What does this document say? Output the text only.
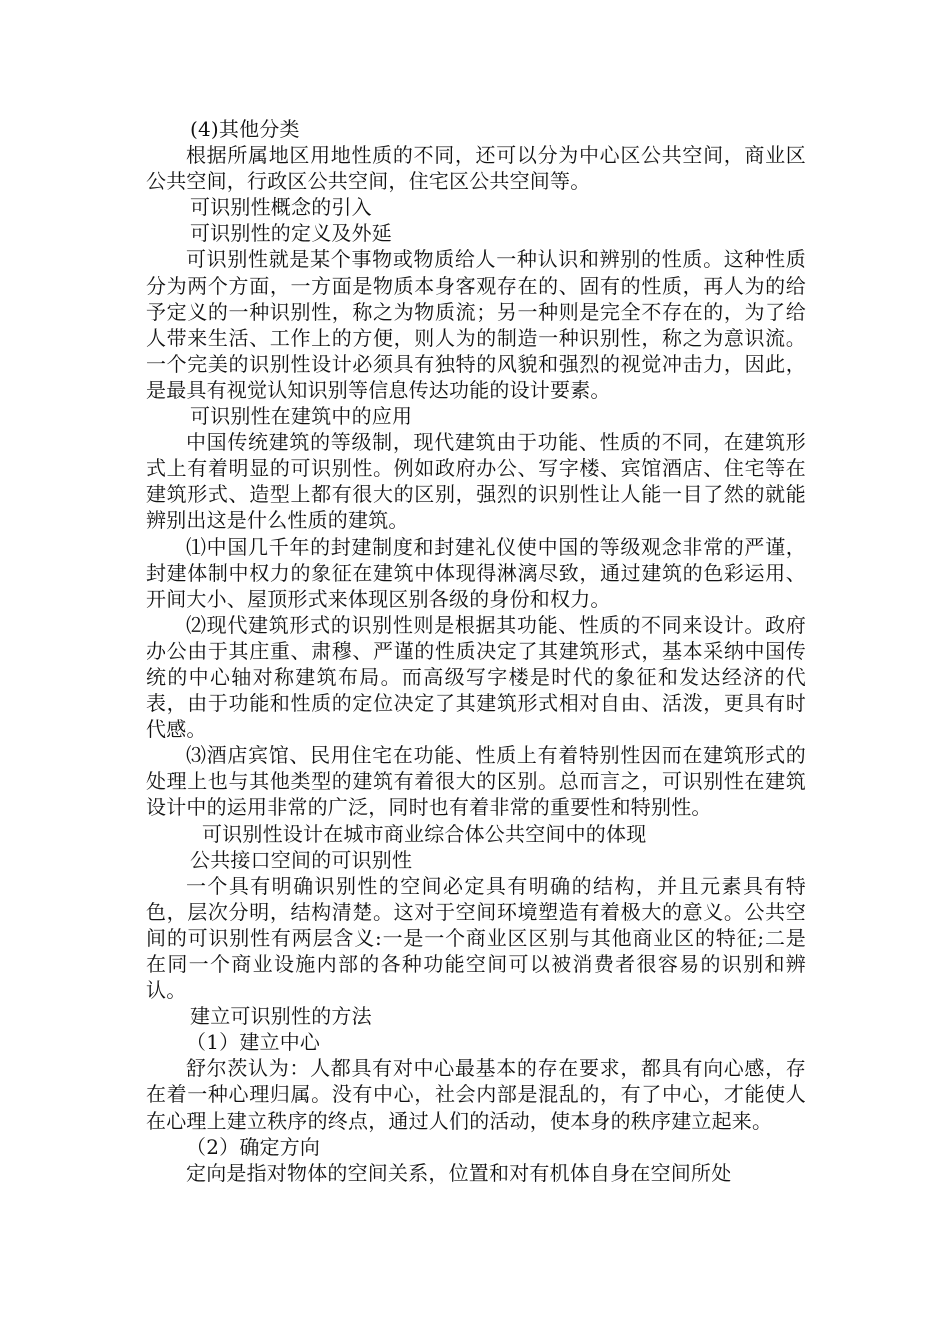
(4)其他分类

根据所属地区用地性质的不同，还可以分为中心区公共空间，商业区公共空间，行政区公共空间，住宅区公共空间等。

可识别性概念的引入

可识别性的定义及外延

可识别性就是某个事物或物质给人一种认识和辨别的性质。这种性质分为两个方面，一方面是物质本身客观存在的、固有的性质，再人为的给予定义的一种识别性，称之为物质流；另一种则是完全不存在的，为了给人带来生活、工作上的方便，则人为的制造一种识别性，称之为意识流。一个完美的识别性设计必须具有独特的风貌和强烈的视觉冲击力，因此，是最具有视觉认知识别等信息传达功能的设计要素。

可识别性在建筑中的应用

中国传统建筑的等级制，现代建筑由于功能、性质的不同，在建筑形式上有着明显的可识别性。例如政府办公、写字楼、宾馆酒店、住宅等在建筑形式、造型上都有很大的区别，强烈的识别性让人能一目了然的就能辨别出这是什么性质的建筑。

⑴中国几千年的封建制度和封建礼仪使中国的等级观念非常的严谨，封建体制中权力的象征在建筑中体现得淋漓尽致，通过建筑的色彩运用、开间大小、屋顶形式来体现区别各级的身份和权力。

⑵现代建筑形式的识别性则是根据其功能、性质的不同来设计。政府办公由于其庄重、肃穆、严谨的性质决定了其建筑形式，基本采纳中国传统的中心轴对称建筑布局。而高级写字楼是时代的象征和发达经济的代表，由于功能和性质的定位决定了其建筑形式相对自由、活泼，更具有时代感。

⑶酒店宾馆、民用住宅在功能、性质上有着特别性因而在建筑形式的处理上也与其他类型的建筑有着很大的区别。总而言之，可识别性在建筑设计中的运用非常的广泛，同时也有着非常的重要性和特别性。

可识别性设计在城市商业综合体公共空间中的体现

公共接口空间的可识别性

一个具有明确识别性的空间必定具有明确的结构，并且元素具有特色，层次分明，结构清楚。这对于空间环境塑造有着极大的意义。公共空间的可识别性有两层含义:一是一个商业区区别与其他商业区的特征;二是在同一个商业设施内部的各种功能空间可以被消费者很容易的识别和辨认。

建立可识别性的方法

（1）建立中心

舒尔茨认为：人都具有对中心最基本的存在要求，都具有向心感，存在着一种心理归属。没有中心，社会内部是混乱的，有了中心，才能使人在心理上建立秩序的终点，通过人们的活动，使本身的秩序建立起来。

（2）确定方向

定向是指对物体的空间关系，位置和对有机体自身在空间所处
